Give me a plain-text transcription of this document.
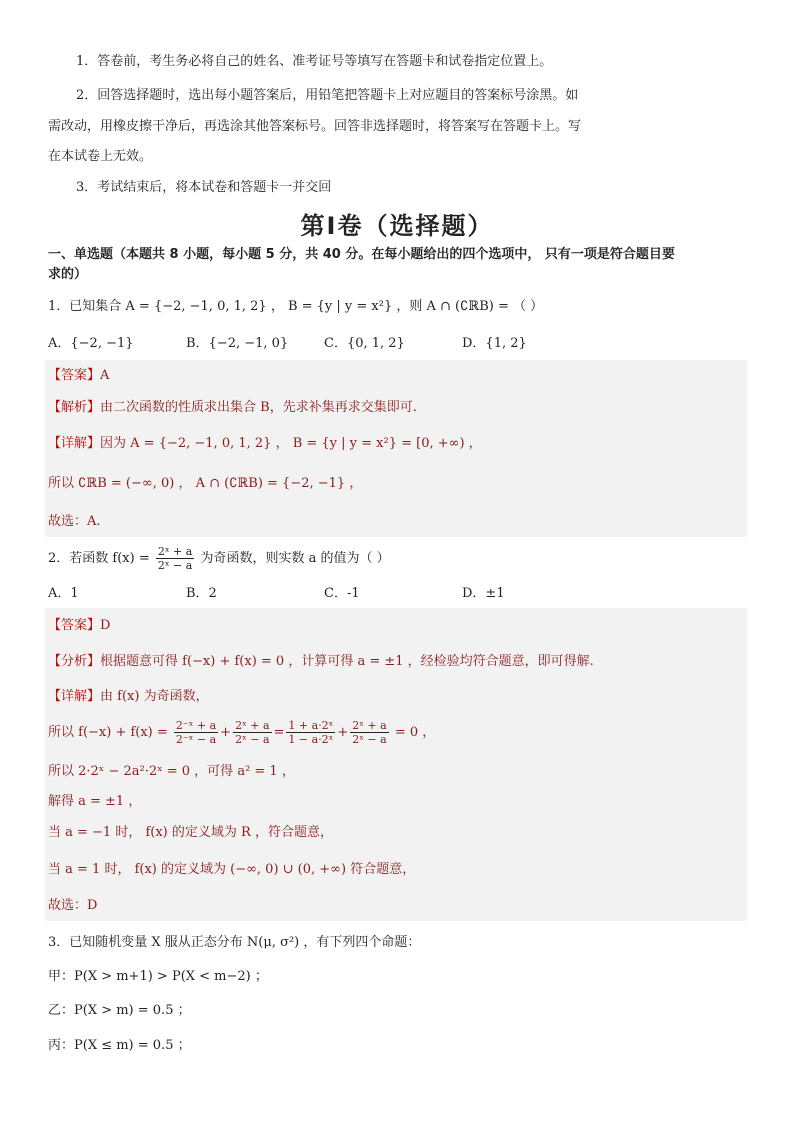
1．答卷前，考生务必将自己的姓名、准考证号等填写在答题卡和试卷指定位置上。
2．回答选择题时，选出每小题答案后，用铅笔把答题卡上对应题目的答案标号涂黑。如
需改动，用橡皮擦干净后，再选涂其他答案标号。回答非选择题时，将答案写在答题卡上。写
在本试卷上无效。
3．考试结束后，将本试卷和答题卡一并交回
第Ⅰ卷（选择题）
一、单选题（本题共 8 小题，每小题 5 分，共 40 分。在每小题给出的四个选项中， 只有一项是符合题目要
求的）
1．已知集合 A = {−2, −1, 0, 1, 2} ， B = {y | y = x²} ，则 A ∩ (∁ℝB) = （ ）
A．{−2, −1}	B．{−2, −1, 0}	C．{0, 1, 2}	D．{1, 2}
【答案】A
【解析】由二次函数的性质求出集合 B，先求补集再求交集即可.
【详解】因为 A = {−2, −1, 0, 1, 2} ， B = {y | y = x²} = [0, +∞) ，
所以 ∁ℝB = (−∞, 0) ， A ∩ (∁ℝB) = {−2, −1} ，
故选：A.
2．若函数 $f(x) = \frac{\text{2ˣ + a}}{\text{2ˣ − a}}$ 为奇函数，则实数 a 的值为（ ）
A．1	B．2	C．-1	D．±1
【答案】D
【分析】根据题意可得 f(−x) + f(x) = 0 ，计算可得 a = ±1 ，经检验均符合题意，即可得解.
【详解】由 f(x) 为奇函数，
所以 $f(-x) + f(x) = \frac{\text{2⁻ˣ + a}}{\text{2⁻ˣ − a}} + \frac{\text{2ˣ + a}}{\text{2ˣ − a}} = \frac{\text{1 + a·2ˣ}}{\text{1 − a·2ˣ}} + \frac{\text{2ˣ + a}}{\text{2ˣ − a}} = 0$ ，
所以 2·2ˣ − 2a²·2ˣ = 0 ，可得 a² = 1 ，
解得 a = ±1 ，
当 a = −1 时， f(x) 的定义域为 R ，符合题意，
当 a = 1 时， f(x) 的定义域为 (−∞, 0) ∪ (0, +∞) 符合题意，
故选：D
3．已知随机变量 X 服从正态分布 N(μ, σ²) ，有下列四个命题：
甲：P(X > m+1) > P(X < m−2) ；
乙：P(X > m) = 0.5 ；
丙：P(X ≤ m) = 0.5 ；
